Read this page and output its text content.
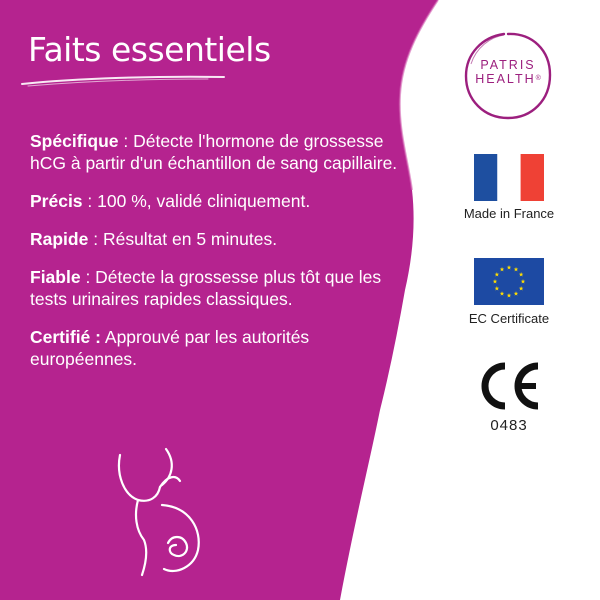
Faits essentiels

Spécifique : Détecte l'hormone de grossesse hCG à partir d'un échantillon de sang capillaire.

Précis : 100 %, validé cliniquement.

Rapide : Résultat en 5 minutes.

Fiable : Détecte la grossesse plus tôt que les tests urinaires rapides classiques.

Certifié : Approuvé par les autorités européennes.

PATRIS
HEALTH®
Made in France
EC Certificate
0483
